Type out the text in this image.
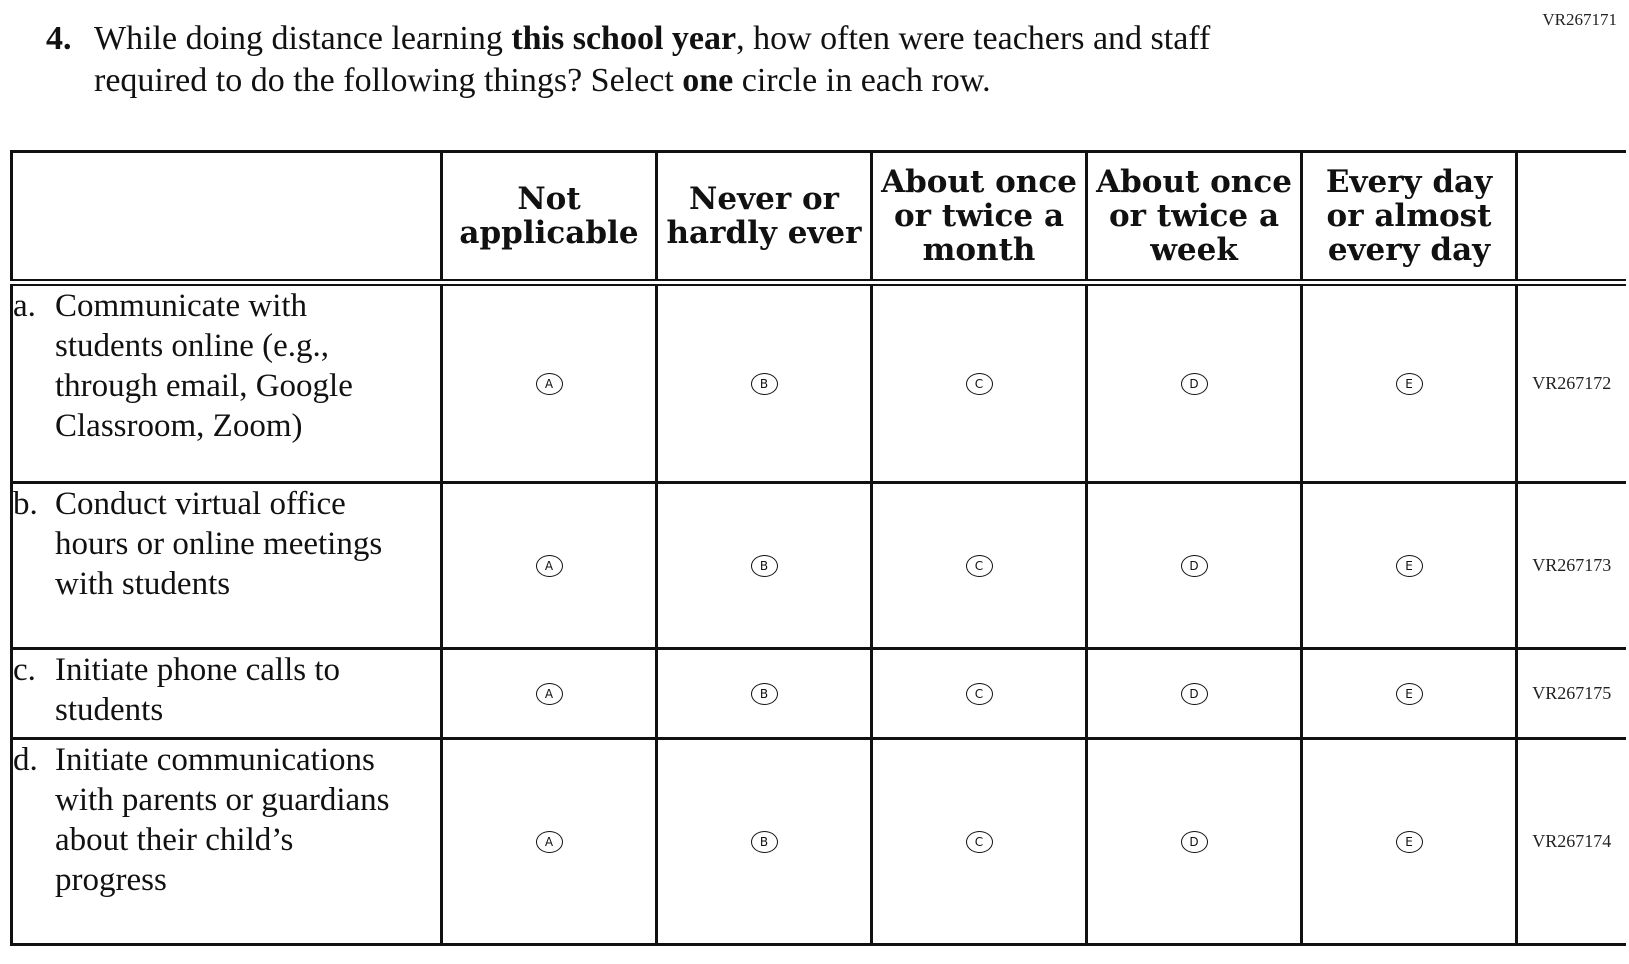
VR267171
4. While doing distance learning this school year, how often were teachers and staff
required to do the following things? Select one circle in each row.
	Not applicable	Never or hardly ever	About once or twice a month	About once or twice a week	Every day or almost every day	
a. Communicate with students online (e.g., through email, Google Classroom, Zoom)	A	B	C	D	E	VR267172
b. Conduct virtual office hours or online meetings with students	A	B	C	D	E	VR267173
c. Initiate phone calls to students	A	B	C	D	E	VR267175
d. Initiate communications with parents or guardians about their child’s progress	A	B	C	D	E	VR267174
